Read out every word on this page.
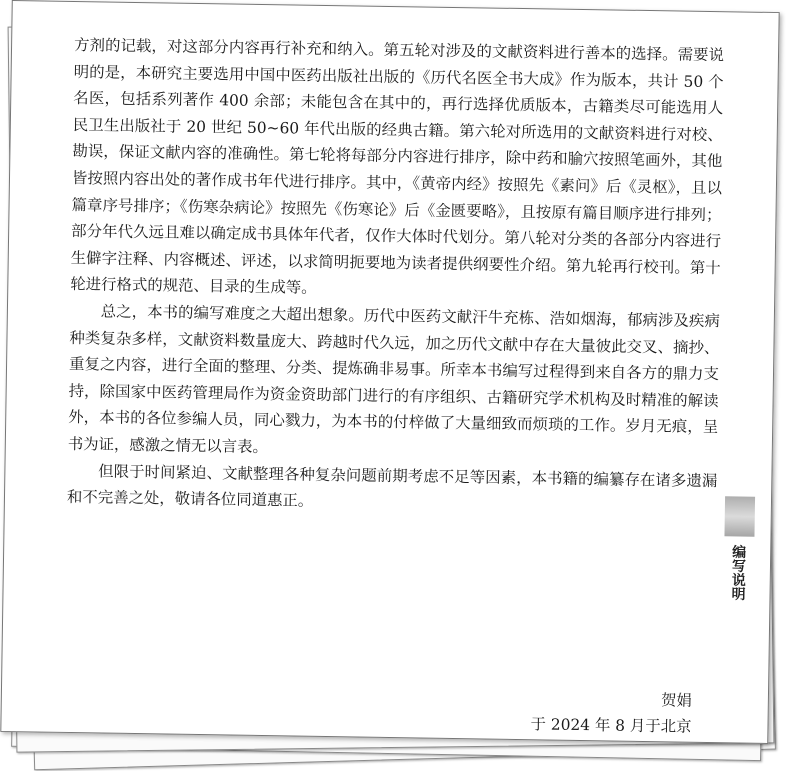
方剂的记载，对这部分内容再行补充和纳入。第五轮对涉及的文献资料进行善本的选择。需要说明的是，本研究主要选用中国中医药出版社出版的《历代名医全书大成》作为版本，共计 50 个名医，包括系列著作 400 余部；未能包含在其中的，再行选择优质版本，古籍类尽可能选用人民卫生出版社于 20 世纪 50~60 年代出版的经典古籍。第六轮对所选用的文献资料进行对校、勘误，保证文献内容的准确性。第七轮将每部分内容进行排序，除中药和腧穴按照笔画外，其他皆按照内容出处的著作成书年代进行排序。其中，《黄帝内经》按照先《素问》后《灵枢》，且以篇章序号排序；《伤寒杂病论》按照先《伤寒论》后《金匮要略》，且按原有篇目顺序进行排列；部分年代久远且难以确定成书具体年代者，仅作大体时代划分。第八轮对分类的各部分内容进行生僻字注释、内容概述、评述，以求简明扼要地为读者提供纲要性介绍。第九轮再行校刊。第十轮进行格式的规范、目录的生成等。

总之，本书的编写难度之大超出想象。历代中医药文献汗牛充栋、浩如烟海，郁病涉及疾病种类复杂多样，文献资料数量庞大、跨越时代久远，加之历代文献中存在大量彼此交叉、摘抄、重复之内容，进行全面的整理、分类、提炼确非易事。所幸本书编写过程得到来自各方的鼎力支持，除国家中医药管理局作为资金资助部门进行的有序组织、古籍研究学术机构及时精准的解读外，本书的各位参编人员，同心戮力，为本书的付梓做了大量细致而烦琐的工作。岁月无痕，呈书为证，感激之情无以言表。

但限于时间紧迫、文献整理各种复杂问题前期考虑不足等因素，本书籍的编纂存在诸多遗漏和不完善之处，敬请各位同道惠正。

贺娟
于 2024 年 8 月于北京
编写说明
